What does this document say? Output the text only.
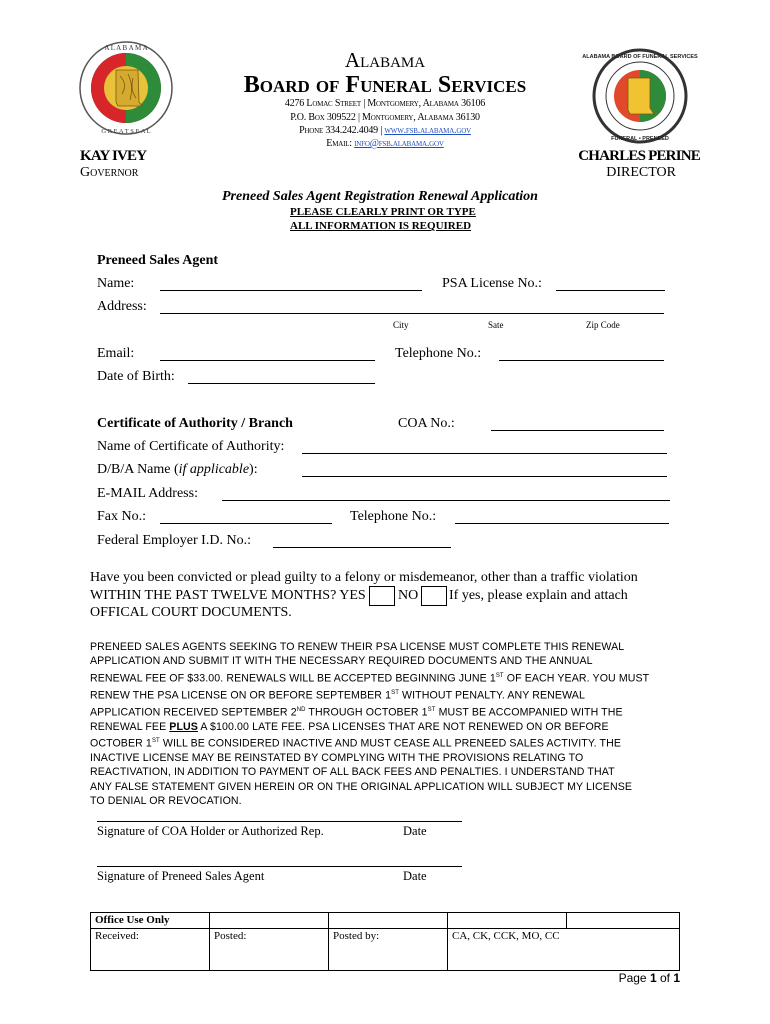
A L A B A M A
G R E A T S E A L
ALABAMA BOARD OF FUNERAL SERVICES
FUNERAL • PRENEED
Alabama
Board of Funeral Services
4276 Lomac Street | Montgomery, Alabama 36106
P.O. Box 309522 | Montgomery, Alabama 36130
Phone 334.242.4049 | www.fsb.alabama.gov
Email: info@fsb.alabama.gov
KAY IVEY
Governor
CHARLES PERINE
DIRECTOR
Preneed Sales Agent Registration Renewal Application
PLEASE CLEARLY PRINT OR TYPE
ALL INFORMATION IS REQUIRED
Preneed Sales Agent
Name:	PSA License No.:
Address:
City	Sate	Zip Code
Email:	Telephone No.:
Date of Birth:
Certificate of Authority / Branch	COA No.:
Name of Certificate of Authority:
D/B/A Name (if applicable):
E-MAIL Address:
Fax No.:	Telephone No.:
Federal Employer I.D. No.:
Have you been convicted or plead guilty to a felony or misdemeanor, other than a traffic violation
WITHIN THE PAST TWELVE MONTHS? YES NO If yes, please explain and attach
OFFICAL COURT DOCUMENTS.
PRENEED SALES AGENTS SEEKING TO RENEW THEIR PSA LICENSE MUST COMPLETE THIS RENEWAL
APPLICATION AND SUBMIT IT WITH THE NECESSARY REQUIRED DOCUMENTS AND THE ANNUAL
RENEWAL FEE OF $33.00. RENEWALS WILL BE ACCEPTED BEGINNING JUNE 1ST OF EACH YEAR. YOU MUST
RENEW THE PSA LICENSE ON OR BEFORE SEPTEMBER 1ST WITHOUT PENALTY. ANY RENEWAL
APPLICATION RECEIVED SEPTEMBER 2ND THROUGH OCTOBER 1ST MUST BE ACCOMPANIED WITH THE
RENEWAL FEE PLUS A $100.00 LATE FEE. PSA LICENSES THAT ARE NOT RENEWED ON OR BEFORE
OCTOBER 1ST WILL BE CONSIDERED INACTIVE AND MUST CEASE ALL PRENEED SALES ACTIVITY. THE
INACTIVE LICENSE MAY BE REINSTATED BY COMPLYING WITH THE PROVISIONS RELATING TO
REACTIVATION, IN ADDITION TO PAYMENT OF ALL BACK FEES AND PENALTIES. I UNDERSTAND THAT
ANY FALSE STATEMENT GIVEN HEREIN OR ON THE ORIGINAL APPLICATION WILL SUBJECT MY LICENSE
TO DENIAL OR REVOCATION.
Signature of COA Holder or Authorized Rep.	Date
Signature of Preneed Sales Agent	Date
Office Use Only				
Received:	Posted:	Posted by:	CA, CK, CCK, MO, CC	
Page 1 of 1
